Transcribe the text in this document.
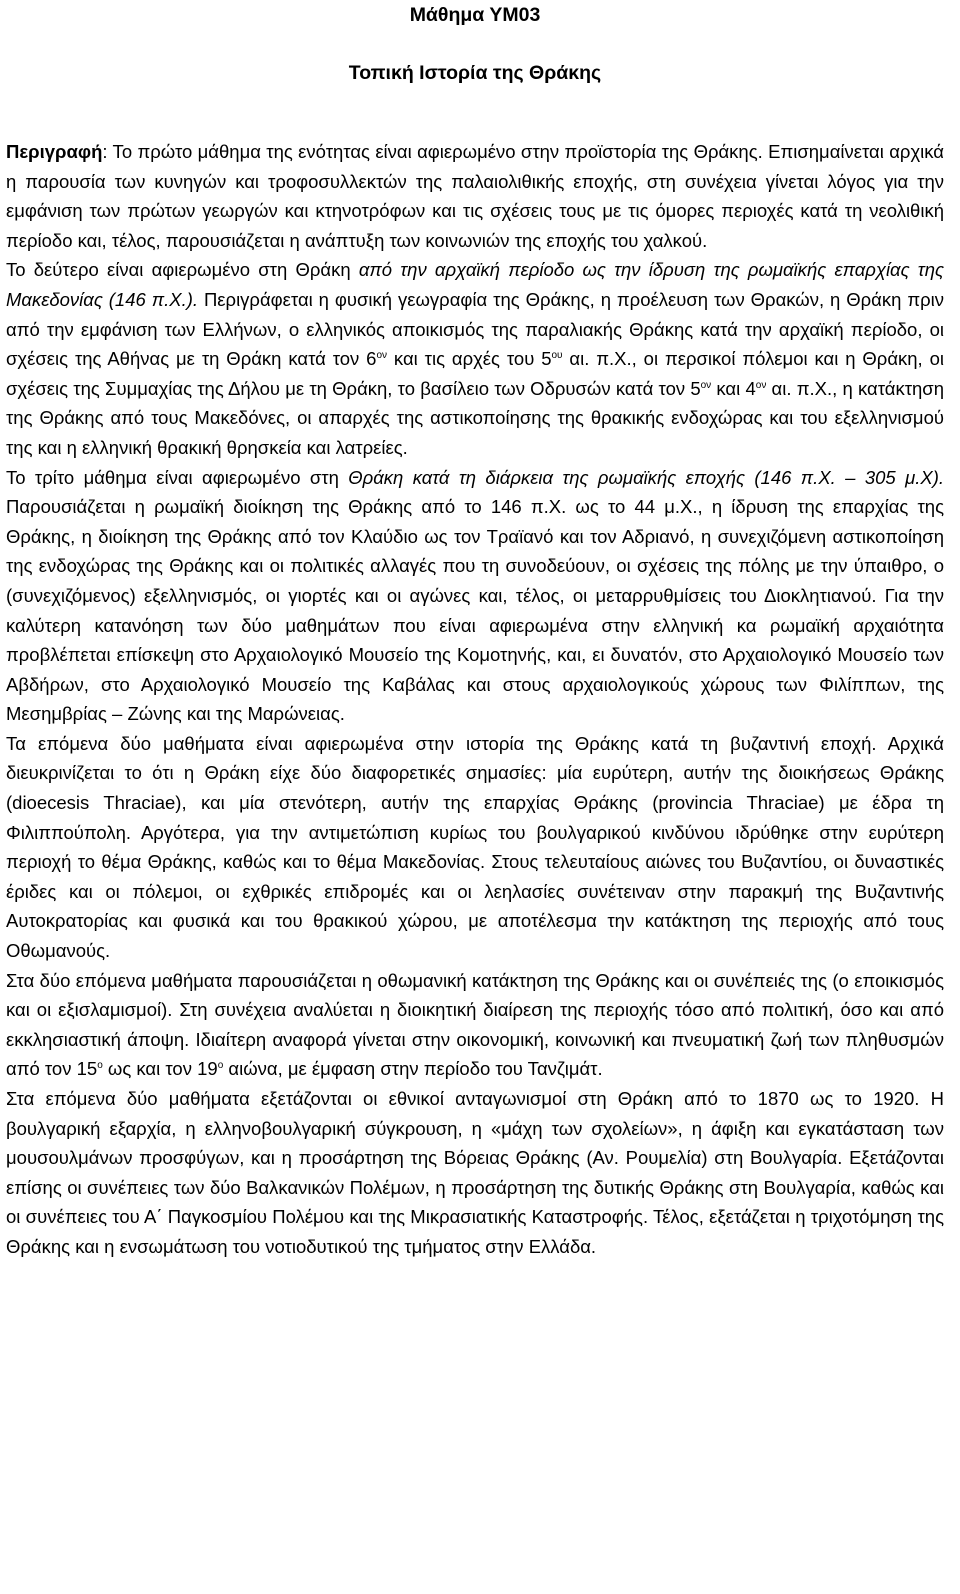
Μάθημα ΥΜ03
Τοπική Ιστορία της Θράκης

Περιγραφή: Το πρώτο μάθημα της ενότητας είναι αφιερωμένο στην προϊστορία της Θράκης. Επισημαίνεται αρχικά η παρουσία των κυνηγών και τροφοσυλλεκτών της παλαιολιθικής εποχής, στη συνέχεια γίνεται λόγος για την εμφάνιση των πρώτων γεωργών και κτηνοτρόφων και τις σχέσεις τους με τις όμορες περιοχές κατά τη νεολιθική περίοδο και, τέλος, παρουσιάζεται η ανάπτυξη των κοινωνιών της εποχής του χαλκού.

Το δεύτερο είναι αφιερωμένο στη Θράκη από την αρχαϊκή περίοδο ως την ίδρυση της ρωμαϊκής επαρχίας της Μακεδονίας (146 π.Χ.). Περιγράφεται η φυσική γεωγραφία της Θράκης, η προέλευση των Θρακών, η Θράκη πριν από την εμφάνιση των Ελλήνων, ο ελληνικός αποικισμός της παραλιακής Θράκης κατά την αρχαϊκή περίοδο, οι σχέσεις της Αθήνας με τη Θράκη κατά τον $6^{o\nu}$ και τις αρχές του $5^{o\upsilon}$ αι. π.Χ., οι περσικοί πόλεμοι και η Θράκη, οι σχέσεις της Συμμαχίας της Δήλου με τη Θράκη, το βασίλειο των Οδρυσών κατά τον $5^{o\nu}$ και $4^{o\nu}$ αι. π.Χ., η κατάκτηση της Θράκης από τους Μακεδόνες, οι απαρχές της αστικοποίησης της θρακικής ενδοχώρας και του εξελληνισμού της και η ελληνική θρακική θρησκεία και λατρείες.

Το τρίτο μάθημα είναι αφιερωμένο στη Θράκη κατά τη διάρκεια της ρωμαϊκής εποχής (146 π.Χ. – 305 μ.Χ). Παρουσιάζεται η ρωμαϊκή διοίκηση της Θράκης από το 146 π.Χ. ως το 44 μ.Χ., η ίδρυση της επαρχίας της Θράκης, η διοίκηση της Θράκης από τον Κλαύδιο ως τον Τραϊανό και τον Αδριανό, η συνεχιζόμενη αστικοποίηση της ενδοχώρας της Θράκης και οι πολιτικές αλλαγές που τη συνοδεύουν, οι σχέσεις της πόλης με την ύπαιθρο, ο (συνεχιζόμενος) εξελληνισμός, οι γιορτές και οι αγώνες και, τέλος, οι μεταρρυθμίσεις του Διοκλητιανού. Για την καλύτερη κατανόηση των δύο μαθημάτων που είναι αφιερωμένα στην ελληνική κα ρωμαϊκή αρχαιότητα προβλέπεται επίσκεψη στο Αρχαιολογικό Μουσείο της Κομοτηνής, και, ει δυνατόν, στο Αρχαιολογικό Μουσείο των Αβδήρων, στο Αρχαιολογικό Μουσείο της Καβάλας και στους αρχαιολογικούς χώρους των Φιλίππων, της Μεσημβρίας – Ζώνης και της Μαρώνειας.

Τα επόμενα δύο μαθήματα είναι αφιερωμένα στην ιστορία της Θράκης κατά τη βυζαντινή εποχή. Αρχικά διευκρινίζεται το ότι η Θράκη είχε δύο διαφορετικές σημασίες: μία ευρύτερη, αυτήν της διοικήσεως Θράκης (dioecesis Thraciae), και μία στενότερη, αυτήν της επαρχίας Θράκης (provincia Thraciae) με έδρα τη Φιλιππούπολη. Αργότερα, για την αντιμετώπιση κυρίως του βουλγαρικού κινδύνου ιδρύθηκε στην ευρύτερη περιοχή το θέμα Θράκης, καθώς και το θέμα Μακεδονίας. Στους τελευταίους αιώνες του Βυζαντίου, οι δυναστικές έριδες και οι πόλεμοι, οι εχθρικές επιδρομές και οι λεηλασίες συνέτειναν στην παρακμή της Βυζαντινής Αυτοκρατορίας και φυσικά και του θρακικού χώρου, με αποτέλεσμα την κατάκτηση της περιοχής από τους Οθωμανούς.

Στα δύο επόμενα μαθήματα παρουσιάζεται η οθωμανική κατάκτηση της Θράκης και οι συνέπειές της (ο εποικισμός και οι εξισλαμισμοί). Στη συνέχεια αναλύεται η διοικητική διαίρεση της περιοχής τόσο από πολιτική, όσο και από εκκλησιαστική άποψη. Ιδιαίτερη αναφορά γίνεται στην οικονομική, κοινωνική και πνευματική ζωή των πληθυσμών από τον $15^o$ ως και τον $19^o$ αιώνα, με έμφαση στην περίοδο του Τανζιμάτ.

Στα επόμενα δύο μαθήματα εξετάζονται οι εθνικοί ανταγωνισμοί στη Θράκη από το 1870 ως το 1920. Η βουλγαρική εξαρχία, η ελληνοβουλγαρική σύγκρουση, η «μάχη των σχολείων», η άφιξη και εγκατάσταση των μουσουλμάνων προσφύγων, και η προσάρτηση της Βόρειας Θράκης (Αν. Ρουμελία) στη Βουλγαρία. Εξετάζονται επίσης οι συνέπειες των δύο Βαλκανικών Πολέμων, η προσάρτηση της δυτικής Θράκης στη Βουλγαρία, καθώς και οι συνέπειες του Α΄ Παγκοσμίου Πολέμου και της Μικρασιατικής Καταστροφής. Τέλος, εξετάζεται η τριχοτόμηση της Θράκης και η ενσωμάτωση του νοτιοδυτικού της τμήματος στην Ελλάδα.
